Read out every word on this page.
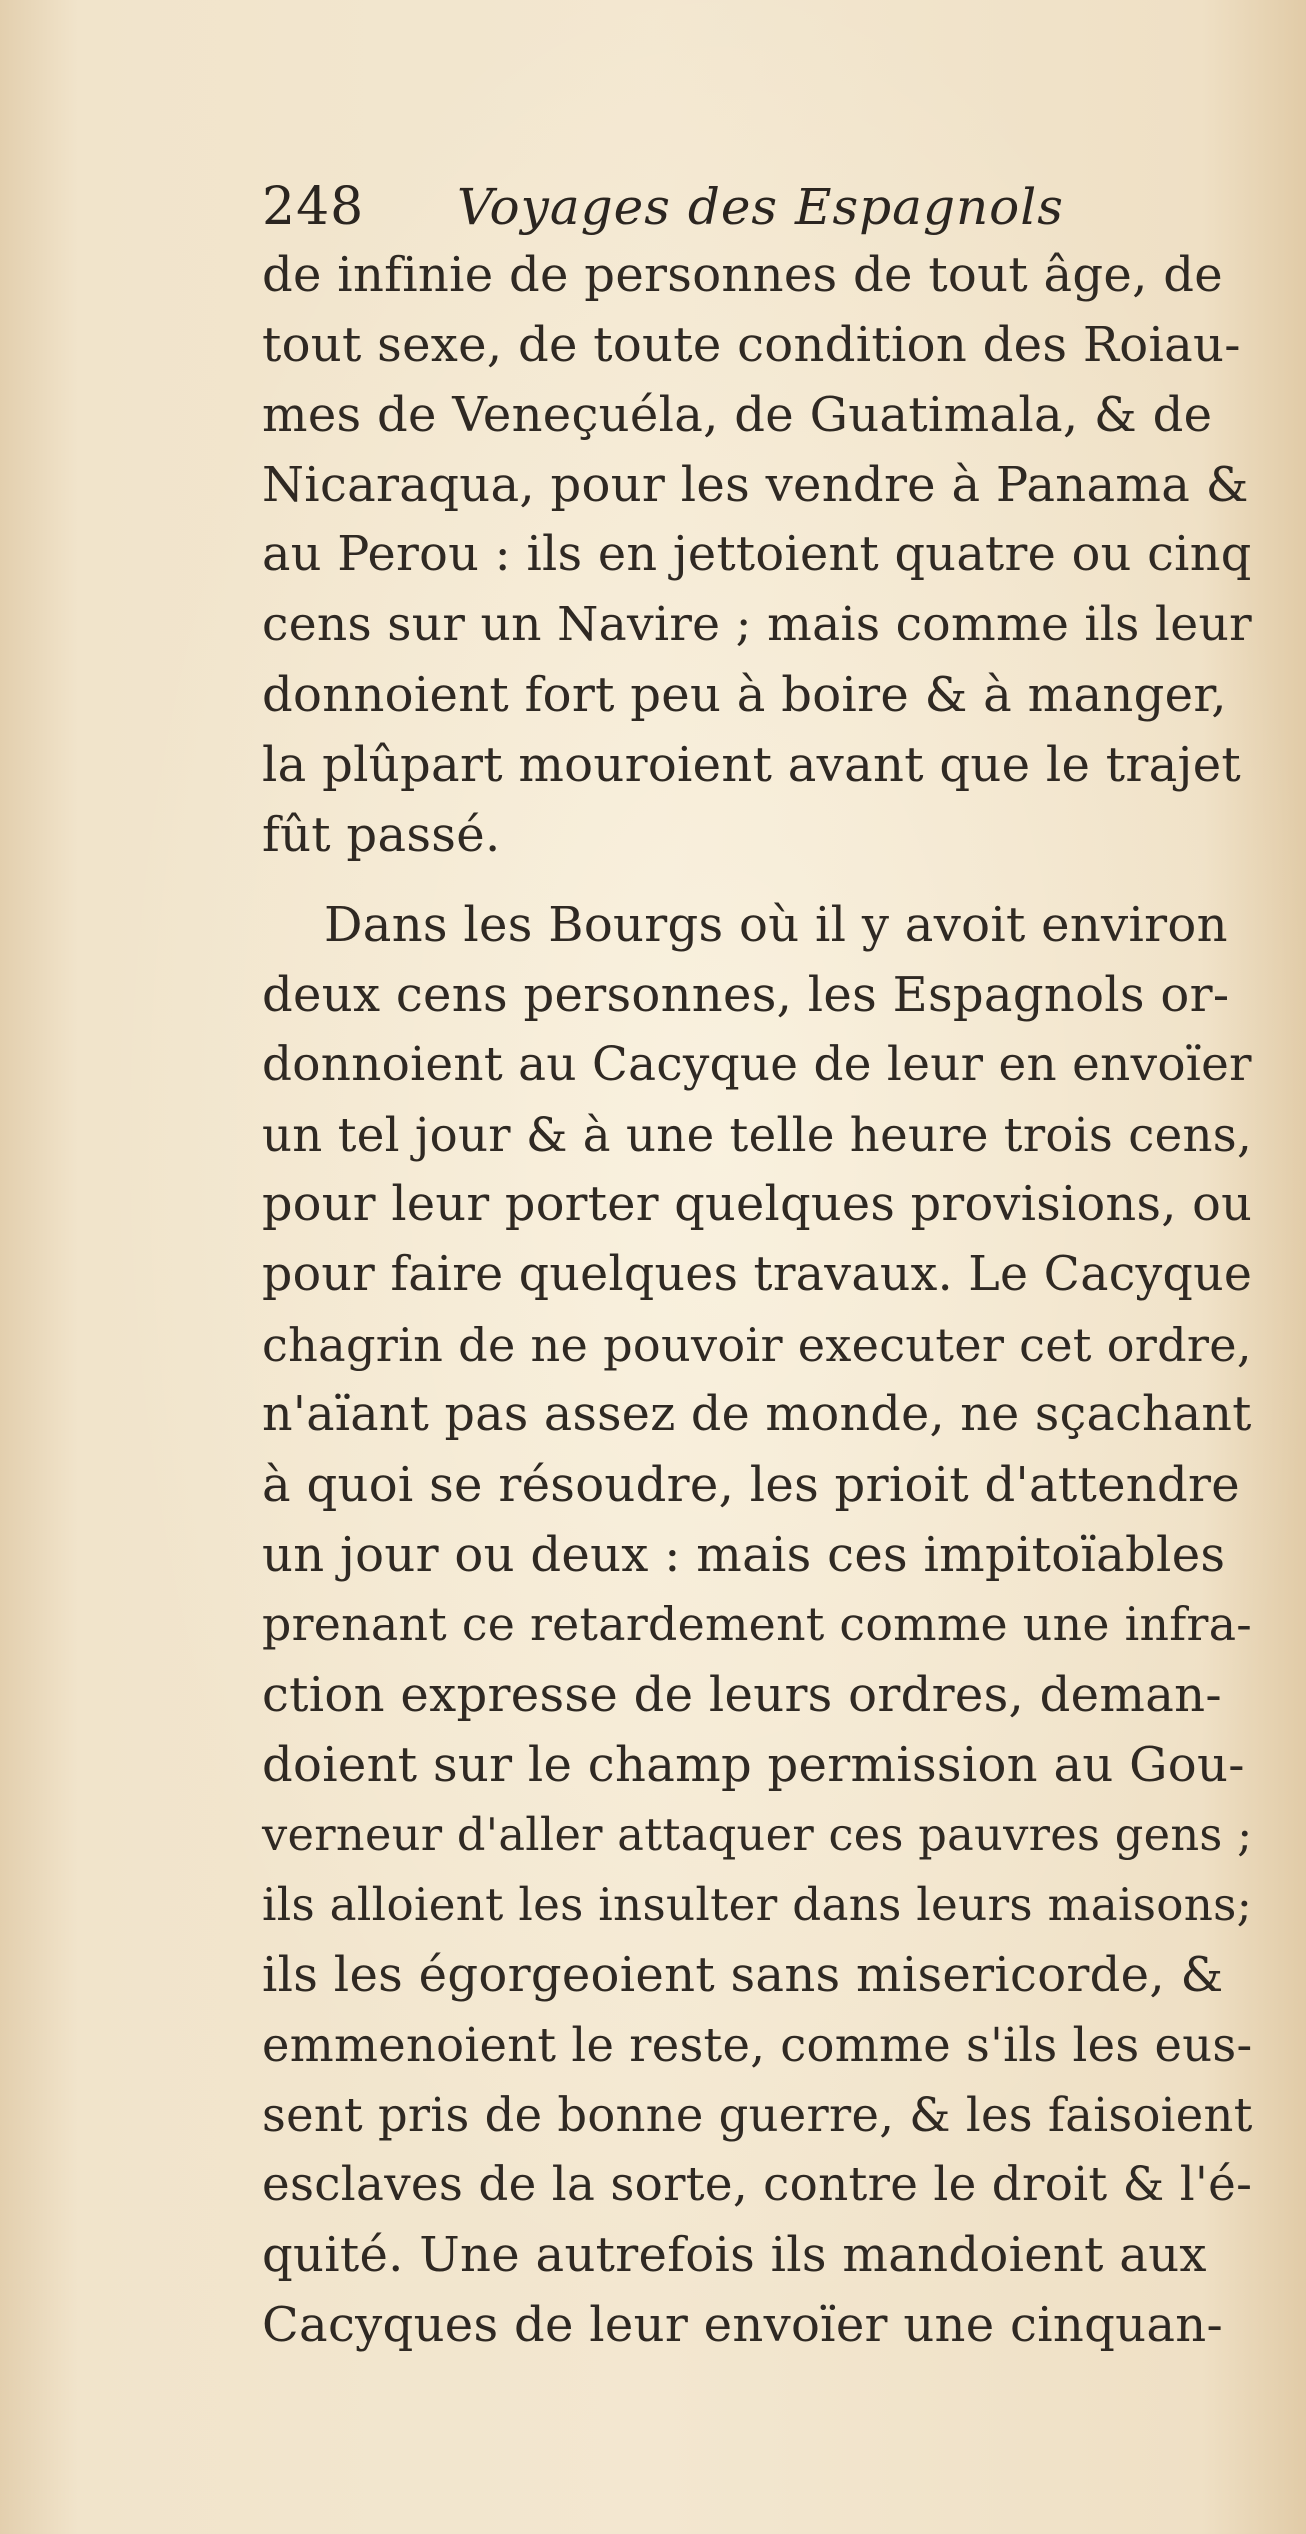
248 Voyages des Espagnols
de infinie de personnes de tout âge, de
tout sexe, de toute condition des Roiau-
mes de Veneçuéla, de Guatimala, & de
Nicaraqua, pour les vendre à Panama &
au Perou : ils en jettoient quatre ou cinq
cens sur un Navire ; mais comme ils leur
donnoient fort peu à boire & à manger,
la plûpart mouroient avant que le trajet
fût passé.
Dans les Bourgs où il y avoit environ
deux cens personnes, les Espagnols or-
donnoient au Cacyque de leur en envoïer
un tel jour & à une telle heure trois cens,
pour leur porter quelques provisions, ou
pour faire quelques travaux. Le Cacyque
chagrin de ne pouvoir executer cet ordre,
n'aïant pas assez de monde, ne sçachant
à quoi se résoudre, les prioit d'attendre
un jour ou deux : mais ces impitoïables
prenant ce retardement comme une infra-
ction expresse de leurs ordres, deman-
doient sur le champ permission au Gou-
verneur d'aller attaquer ces pauvres gens ;
ils alloient les insulter dans leurs maisons;
ils les égorgeoient sans misericorde, &
emmenoient le reste, comme s'ils les eus-
sent pris de bonne guerre, & les faisoient
esclaves de la sorte, contre le droit & l'é-
quité. Une autrefois ils mandoient aux
Cacyques de leur envoïer une cinquan-
